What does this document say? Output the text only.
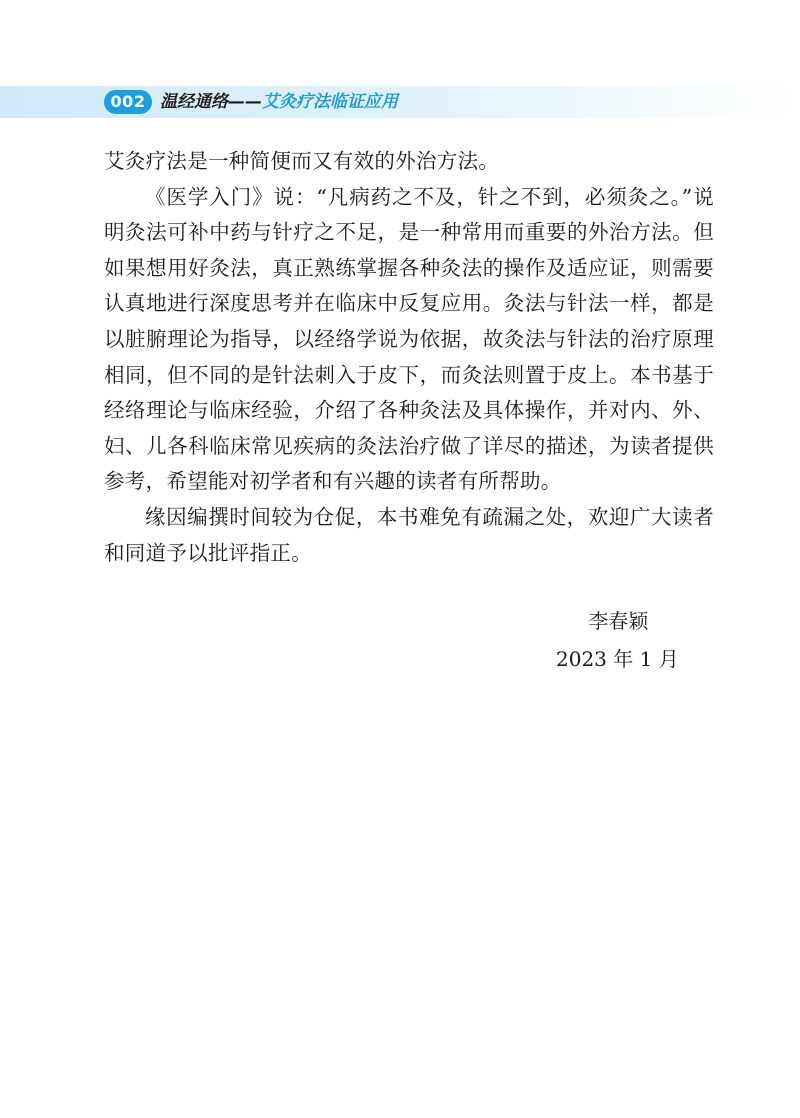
002 温经通络——艾灸疗法临证应用

艾灸疗法是一种简便而又有效的外治方法。

《医学入门》说：“凡病药之不及，针之不到，必须灸之。”说明灸法可补中药与针疗之不足，是一种常用而重要的外治方法。但如果想用好灸法，真正熟练掌握各种灸法的操作及适应证，则需要认真地进行深度思考并在临床中反复应用。灸法与针法一样，都是以脏腑理论为指导，以经络学说为依据，故灸法与针法的治疗原理相同，但不同的是针法刺入于皮下，而灸法则置于皮上。本书基于经络理论与临床经验，介绍了各种灸法及具体操作，并对内、外、妇、儿各科临床常见疾病的灸法治疗做了详尽的描述，为读者提供参考，希望能对初学者和有兴趣的读者有所帮助。

缘因编撰时间较为仓促，本书难免有疏漏之处，欢迎广大读者和同道予以批评指正。

李春颖
2023 年 1 月
